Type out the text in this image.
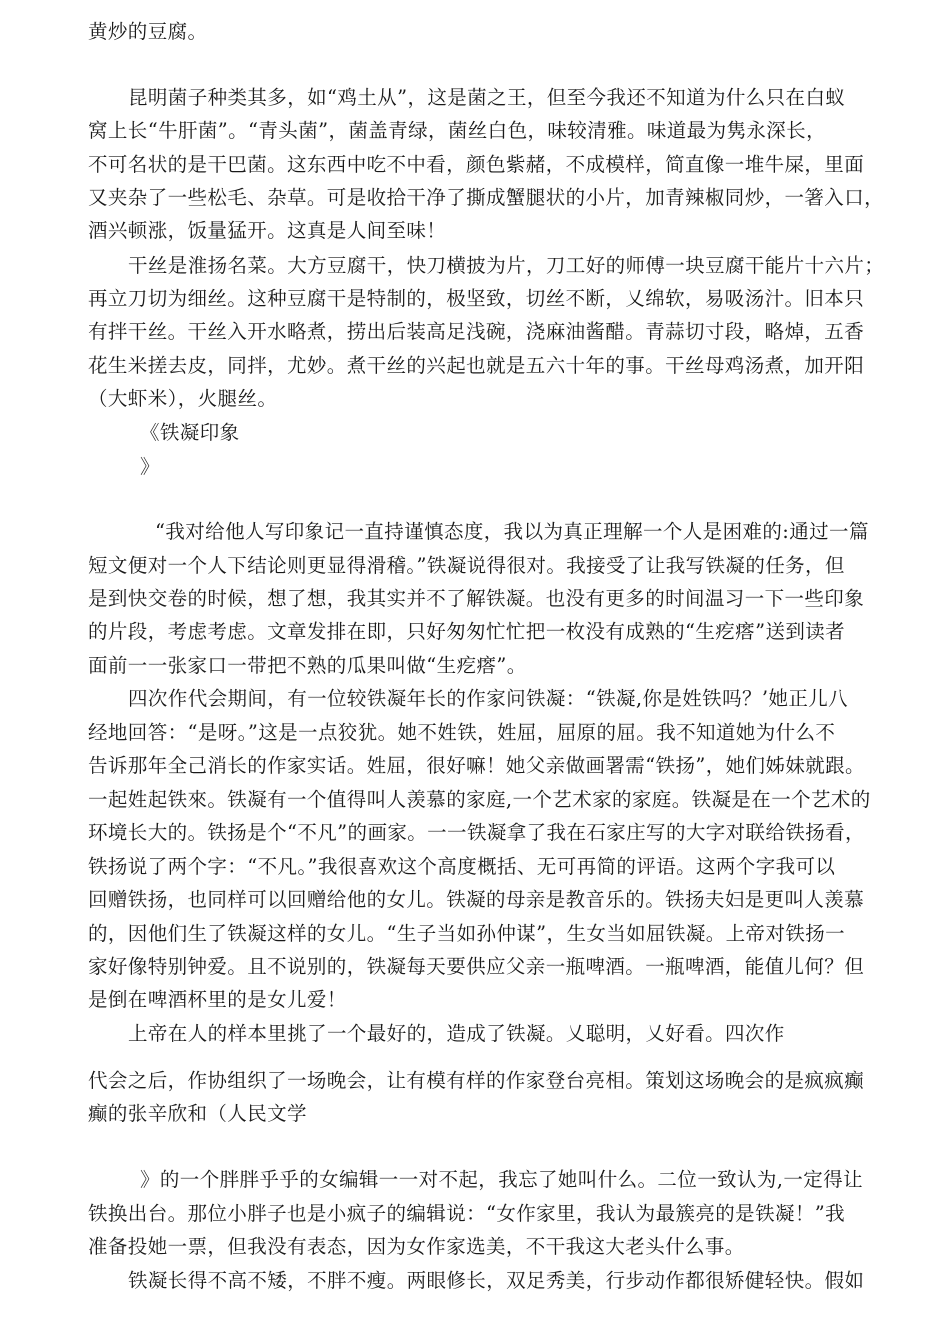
黄炒的豆腐。
昆明菌子种类其多，如“鸡土从”，这是菌之王，但至今我还不知道为什么只在白蚁
窝上长“牛肝菌”。“青头菌”，菌盖青绿，菌丝白色，味较清雅。味道最为隽永深长，
不可名状的是干巴菌。这东西中吃不中看，颜色紫赭，不成模样，简直像一堆牛屎，里面
又夹杂了一些松毛、杂草。可是收拾干净了撕成蟹腿状的小片，加青辣椒同炒，一箸入口，
酒兴顿涨，饭量猛开。这真是人间至味！
干丝是淮扬名菜。大方豆腐干，快刀横披为片，刀工好的师傅一块豆腐干能片十六片；
再立刀切为细丝。这种豆腐干是特制的，极坚致，切丝不断，乂绵软，易吸汤汁。旧本只
有拌干丝。干丝入开水略煮，捞出后装高足浅碗，浇麻油酱醋。青蒜切寸段，略焯，五香
花生米搓去皮，同拌，尤妙。煮干丝的兴起也就是五六十年的事。干丝母鸡汤煮，加开阳
（大虾米），火腿丝。
《铁凝印象
》
“我对给他人写印象记一直持谨慎态度，我以为真正理解一个人是困难的:通过一篇
短文便对一个人下结论则更显得滑稽。”铁凝说得很对。我接受了让我写铁凝的任务，但
是到快交卷的时候，想了想，我其实并不了解铁凝。也没有更多的时间温习一下一些印象
的片段，考虑考虑。文章发排在即，只好匆匆忙忙把一枚没有成熟的“生疙瘩”送到读者
面前一一张家口一带把不熟的瓜果叫做“生疙瘩”。
四次作代会期间，有一位较铁凝年长的作家问铁凝：“铁凝,你是姓铁吗？’她正儿八
经地回答：“是呀。”这是一点狡犹。她不姓铁，姓屈，屈原的屈。我不知道她为什么不
告诉那年全己消长的作家实话。姓屈，很好嘛！她父亲做画署需“铁扬”，她们姊妹就跟。
一起姓起铁來。铁凝有一个值得叫人羡慕的家庭,一个艺术家的家庭。铁凝是在一个艺术的
环境长大的。铁扬是个“不凡”的画家。一一铁凝拿了我在石家庄写的大字对联给铁扬看，
铁扬说了两个字：“不凡。”我很喜欢这个高度概括、无可再简的评语。这两个字我可以
回赠铁扬，也同样可以回赠给他的女儿。铁凝的母亲是教音乐的。铁扬夫妇是更叫人羡慕
的，因他们生了铁凝这样的女儿。“生子当如孙仲谋”，生女当如屈铁凝。上帝对铁扬一
家好像特别钟爱。且不说别的，铁凝每天要供应父亲一瓶啤酒。一瓶啤酒，能值儿何？但
是倒在啤酒杯里的是女儿爱！
上帝在人的样本里挑了一个最好的，造成了铁凝。乂聪明，乂好看。四次作
代会之后，作协组织了一场晚会，让有模有样的作家登台亮相。策划这场晚会的是疯疯癫
癫的张辛欣和（人民文学
》的一个胖胖乎乎的女编辑一一对不起，我忘了她叫什么。二位一致认为,一定得让
铁换出台。那位小胖子也是小疯子的编辑说：“女作家里，我认为最簇亮的是铁凝！”我
准备投她一票，但我没有表态，因为女作家选美，不干我这大老头什么事。
铁凝长得不高不矮，不胖不瘦。两眼修长，双足秀美，行步动作都很矫健轻快。假如
